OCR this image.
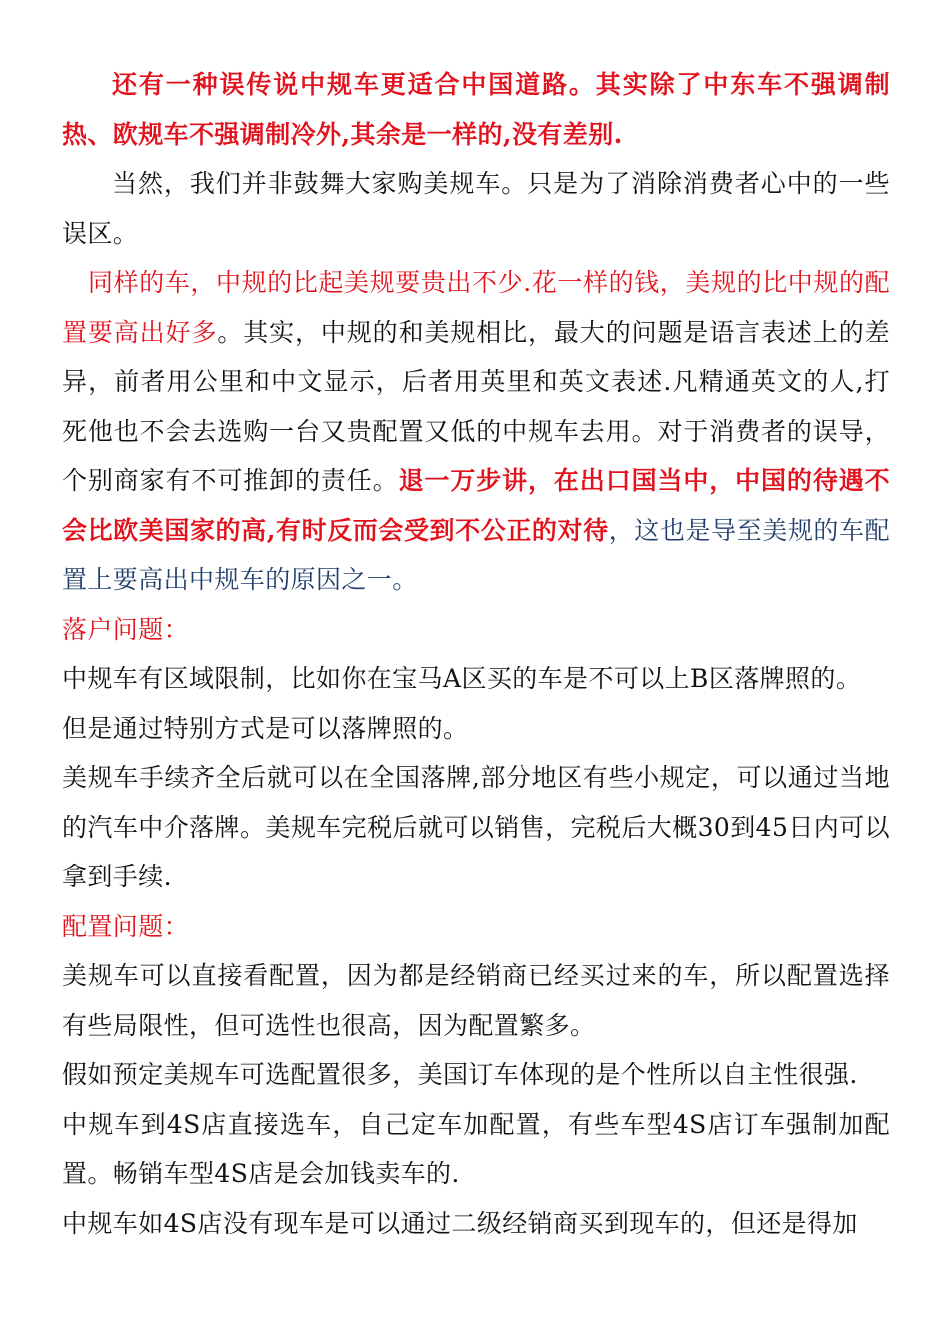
还有一种误传说中规车更适合中国道路。其实除了中东车不强调制热、欧规车不强调制冷外,其余是一样的,没有差别.

当然，我们并非鼓舞大家购美规车。只是为了消除消费者心中的一些误区。

同样的车，中规的比起美规要贵出不少.花一样的钱，美规的比中规的配置要高出好多。其实，中规的和美规相比，最大的问题是语言表述上的差异，前者用公里和中文显示，后者用英里和英文表述.凡精通英文的人,打死他也不会去选购一台又贵配置又低的中规车去用。对于消费者的误导，个别商家有不可推卸的责任。退一万步讲，在出口国当中，中国的待遇不会比欧美国家的高,有时反而会受到不公正的对待，这也是导至美规的车配置上要高出中规车的原因之一。

落户问题：

中规车有区域限制，比如你在宝马A区买的车是不可以上B区落牌照的。

但是通过特别方式是可以落牌照的。

美规车手续齐全后就可以在全国落牌,部分地区有些小规定，可以通过当地的汽车中介落牌。美规车完税后就可以销售，完税后大概30到45日内可以拿到手续.

配置问题：

美规车可以直接看配置，因为都是经销商已经买过来的车，所以配置选择有些局限性，但可选性也很高，因为配置繁多。

假如预定美规车可选配置很多，美国订车体现的是个性所以自主性很强.

中规车到4S店直接选车，自己定车加配置，有些车型4S店订车强制加配置。畅销车型4S店是会加钱卖车的.

中规车如4S店没有现车是可以通过二级经销商买到现车的，但还是得加
